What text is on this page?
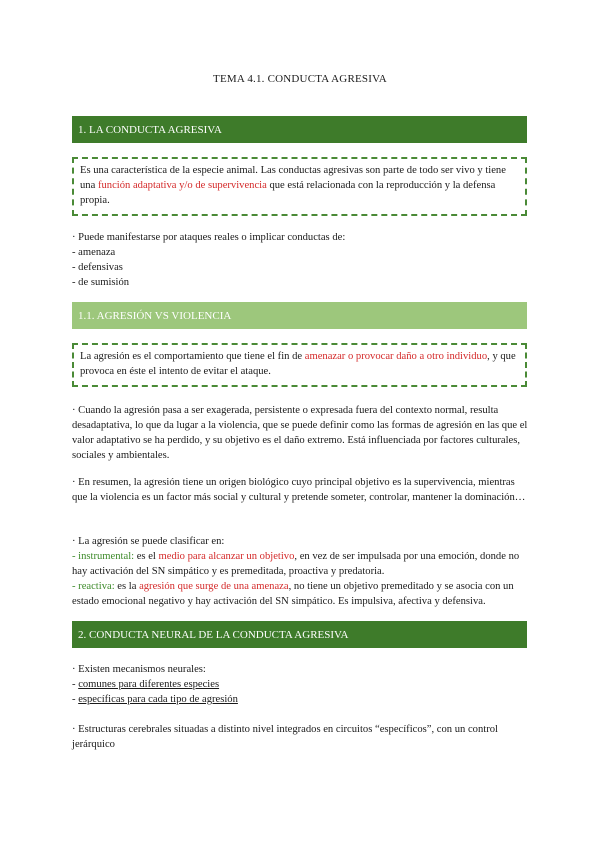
TEMA 4.1. CONDUCTA AGRESIVA
1. LA CONDUCTA AGRESIVA
Es una característica de la especie animal. Las conductas agresivas son parte de todo ser vivo y tiene una función adaptativa y/o de supervivencia que está relacionada con la reproducción y la defensa propia.
· Puede manifestarse por ataques reales o implicar conductas de:
- amenaza
- defensivas
- de sumisión
1.1. AGRESIÓN VS VIOLENCIA
La agresión es el comportamiento que tiene el fin de amenazar o provocar daño a otro individuo, y que provoca en éste el intento de evitar el ataque.
· Cuando la agresión pasa a ser exagerada, persistente o expresada fuera del contexto normal, resulta desadaptativa, lo que da lugar a la violencia, que se puede definir como las formas de agresión en las que el valor adaptativo se ha perdido, y su objetivo es el daño extremo. Está influenciada por factores culturales, sociales y ambientales.
· En resumen, la agresión tiene un origen biológico cuyo principal objetivo es la supervivencia, mientras que la violencia es un factor más social y cultural y pretende someter, controlar, mantener la dominación…
· La agresión se puede clasificar en:
- instrumental: es el medio para alcanzar un objetivo, en vez de ser impulsada por una emoción, donde no hay activación del SN simpático y es premeditada, proactiva y predatoria.
- reactiva: es la agresión que surge de una amenaza, no tiene un objetivo premeditado y se asocia con un estado emocional negativo y hay activación del SN simpático. Es impulsiva, afectiva y defensiva.
2. CONDUCTA NEURAL DE LA CONDUCTA AGRESIVA
· Existen mecanismos neurales:
- comunes para diferentes especies
- específicas para cada tipo de agresión
· Estructuras cerebrales situadas a distinto nivel integrados en circuitos “específicos”, con un control jerárquico
